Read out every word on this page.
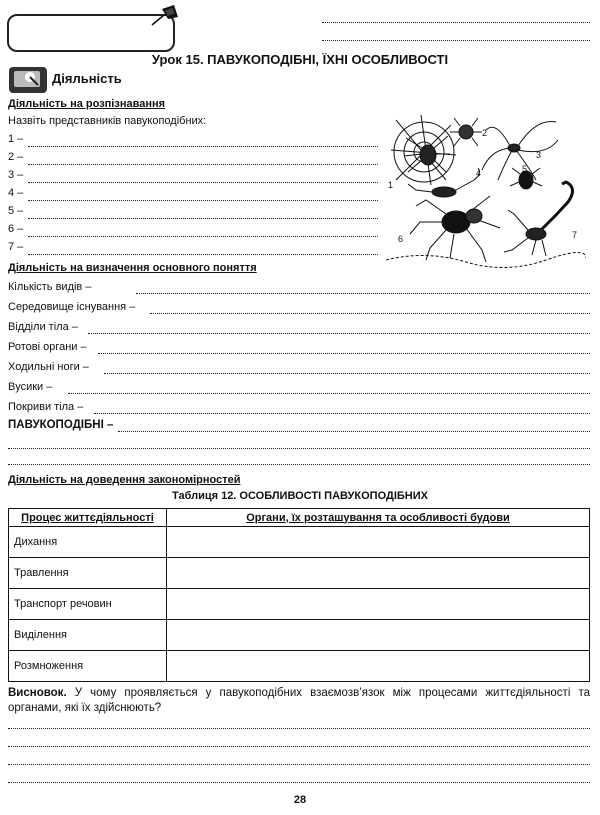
Урок 15. ПАВУКОПОДІБНІ, ЇХНІ ОСОБЛИВОСТІ
Діяльність
Діяльність на розпізнавання
Назвіть представників павукоподібних:
1 –
2 –
3 –
4 –
5 –
6 –
7 –
1
2
3
4	5
6	7
Діяльність на визначення основного поняття
Кількість видів –
Середовище існування –
Відділи тіла –
Ротові органи –
Ходильні ноги –
Вусики –
Покриви тіла –
ПАВУКОПОДІБНІ –
Діяльність на доведення закономірностей
Таблиця 12. ОСОБЛИВОСТІ ПАВУКОПОДІБНИХ
Процес життєдіяльності	Органи, їх розташування та особливості будови
Дихання	
Травлення	
Транспорт речовин	
Виділення	
Розмноження	
Висновок. У чому проявляється у павукоподібних взаємозв’язок між процесами життєдіяльності та органами, які їх здійснюють?
28
